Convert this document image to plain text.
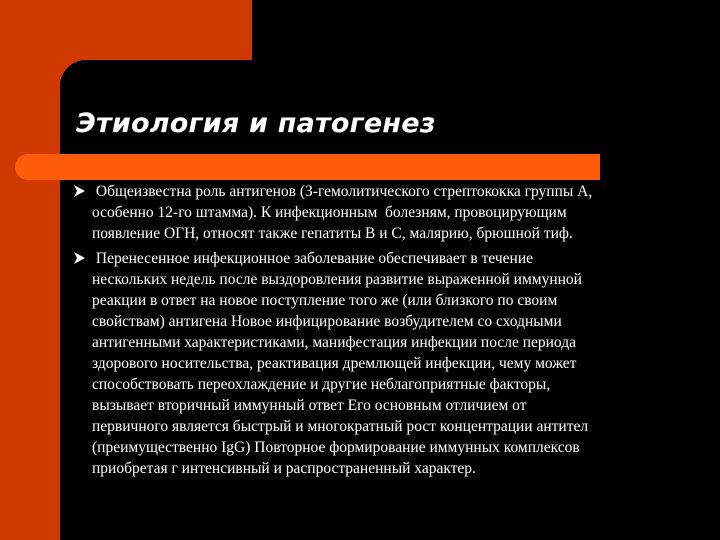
Этиология и патогенез
Общеизвестна роль антигенов (З-гемолитического стрептококка группы А,
особенно 12-го штамма). К инфекционным  болезням, провоцирующим
появление ОГН, относят также гепатиты В и С, малярию, брюшной тиф.
Перенесенное инфекционное заболевание обеспечивает в течение
нескольких недель после выздоровления развитие выраженной иммунной
реакции в ответ на новое поступление того же (или близкого по своим
свойствам) антигена Новое инфицирование возбудителем со сходными
антигенными характеристиками, манифестация инфекции после периода
здорового носительства, реактивация дремлющей инфекции, чему может
способствовать переохлаждение и другие неблагоприятные факторы,
вызывает вторичный иммунный ответ Его основным отличием от
первичного является быстрый и многократный рост концентрации антител
(преимущественно IgG) Повторное формирование иммунных комплексов
приобретая г интенсивный и распространенный характер.
